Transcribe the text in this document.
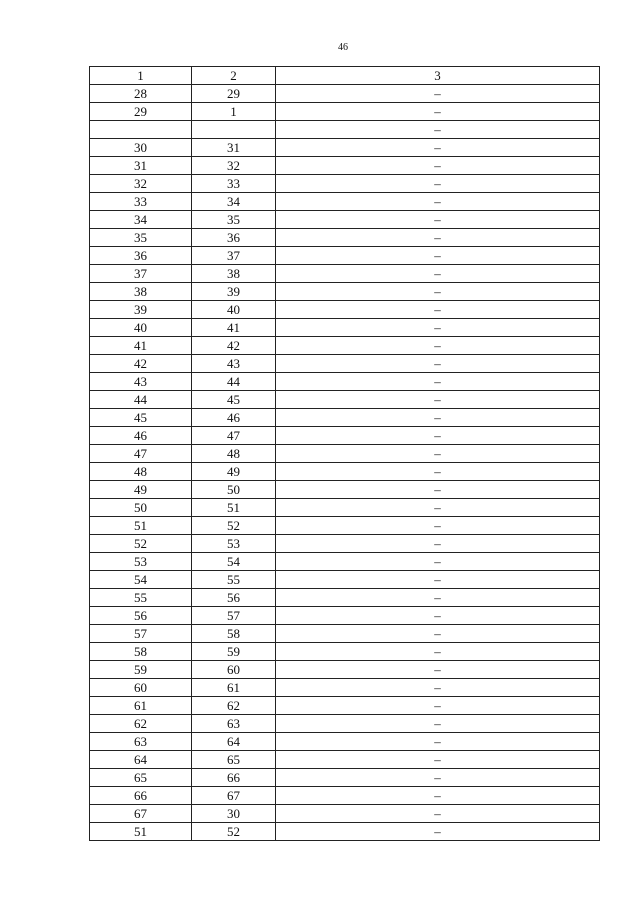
46
1	2	3
28	29	–
29	1	–
		–
30	31	–
31	32	–
32	33	–
33	34	–
34	35	–
35	36	–
36	37	–
37	38	–
38	39	–
39	40	–
40	41	–
41	42	–
42	43	–
43	44	–
44	45	–
45	46	–
46	47	–
47	48	–
48	49	–
49	50	–
50	51	–
51	52	–
52	53	–
53	54	–
54	55	–
55	56	–
56	57	–
57	58	–
58	59	–
59	60	–
60	61	–
61	62	–
62	63	–
63	64	–
64	65	–
65	66	–
66	67	–
67	30	–
51	52	–
